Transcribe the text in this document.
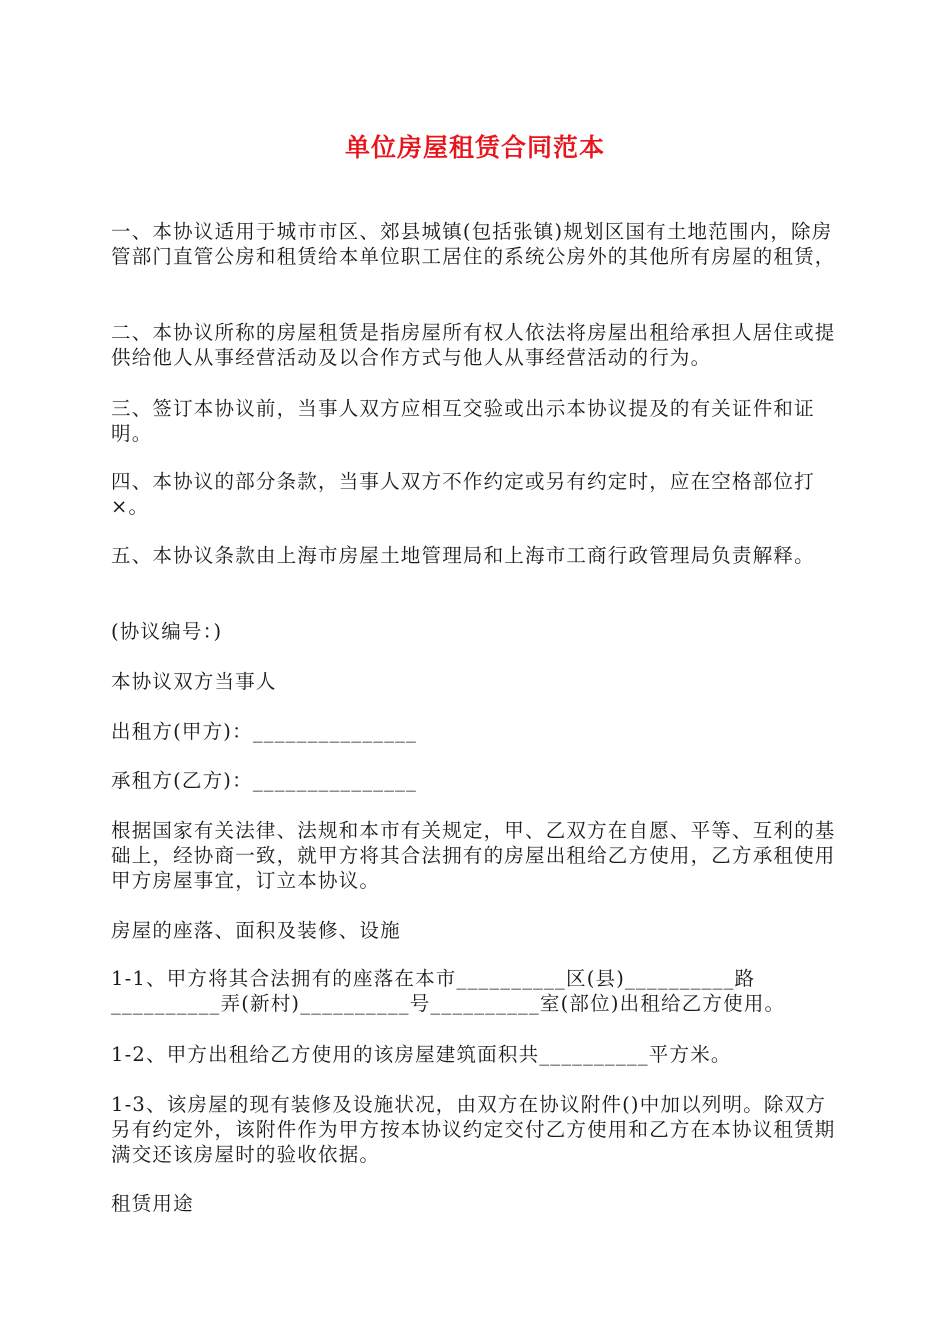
单位房屋租赁合同范本

一、本协议适用于城市市区、郊县城镇(包括张镇)规划区国有土地范围内，除房管部门直管公房和租赁给本单位职工居住的系统公房外的其他所有房屋的租赁，

二、本协议所称的房屋租赁是指房屋所有权人依法将房屋出租给承担人居住或提供给他人从事经营活动及以合作方式与他人从事经营活动的行为。

三、签订本协议前，当事人双方应相互交验或出示本协议提及的有关证件和证明。

四、本协议的部分条款，当事人双方不作约定或另有约定时，应在空格部位打×。

五、本协议条款由上海市房屋土地管理局和上海市工商行政管理局负责解释。

(协议编号：)

本协议双方当事人

出租方(甲方)：_______________

承租方(乙方)：_______________

根据国家有关法律、法规和本市有关规定，甲、乙双方在自愿、平等、互利的基础上，经协商一致，就甲方将其合法拥有的房屋出租给乙方使用，乙方承租使用甲方房屋事宜，订立本协议。

房屋的座落、面积及装修、设施

1-1、甲方将其合法拥有的座落在本市__________区(县)__________路__________弄(新村)__________号__________室(部位)出租给乙方使用。

1-2、甲方出租给乙方使用的该房屋建筑面积共__________平方米。

1-3、该房屋的现有装修及设施状况，由双方在协议附件()中加以列明。除双方另有约定外，该附件作为甲方按本协议约定交付乙方使用和乙方在本协议租赁期满交还该房屋时的验收依据。

租赁用途
